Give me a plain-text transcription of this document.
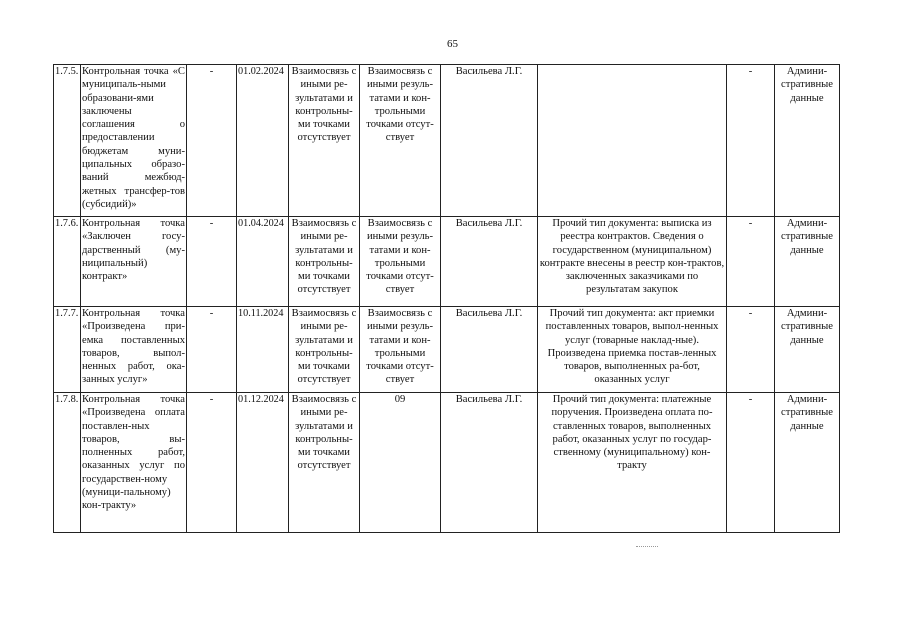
65
1.7.5.	Контрольная точка «С муниципаль-ными образовани-ями заключены соглашения о предоставлении бюджетам муни-ципальных образо-ваний межбюд-жетных трансфер-тов (субсидий)»	-	01.02.2024	Взаимосвязь с иными ре-зультатами и контрольны-ми точками отсутствует	Взаимосвязь с иными резуль-татами и кон-трольными точками отсут-ствует	Васильева Л.Г.		-	Админи-стративные данные
1.7.6.	Контрольная точка «Заключен госу-дарственный (му-ниципальный) контракт»	-	01.04.2024	Взаимосвязь с иными ре-зультатами и контрольны-ми точками отсутствует	Взаимосвязь с иными резуль-татами и кон-трольными точками отсут-ствует	Васильева Л.Г.	Прочий тип документа: выписка из реестра контрактов. Сведения о государственном (муниципальном) контракте внесены в реестр кон-трактов, заключенных заказчиками по результатам закупок	-	Админи-стративные данные
1.7.7.	Контрольная точка «Произведена при-емка поставленных товаров, выпол-ненных работ, ока-занных услуг»	-	10.11.2024	Взаимосвязь с иными ре-зультатами и контрольны-ми точками отсутствует	Взаимосвязь с иными резуль-татами и кон-трольными точками отсут-ствует	Васильева Л.Г.	Прочий тип документа: акт приемки поставленных товаров, выпол-ненных услуг (товарные наклад-ные). Произведена приемка постав-ленных товаров, выполненных ра-бот, оказанных услуг	-	Админи-стративные данные
1.7.8.	Контрольная точка «Произведена оплата поставлен-ных товаров, вы-полненных работ, оказанных услуг по государствен-ному (муници-пальному) кон-тракту»	-	01.12.2024	Взаимосвязь с иными ре-зультатами и контрольны-ми точками отсутствует	09	Васильева Л.Г.	Прочий тип документа: платежные поручения. Произведена оплата по-ставленных товаров, выполненных работ, оказанных услуг по государ-ственному (муниципальному) кон-тракту	-	Админи-стративные данные
